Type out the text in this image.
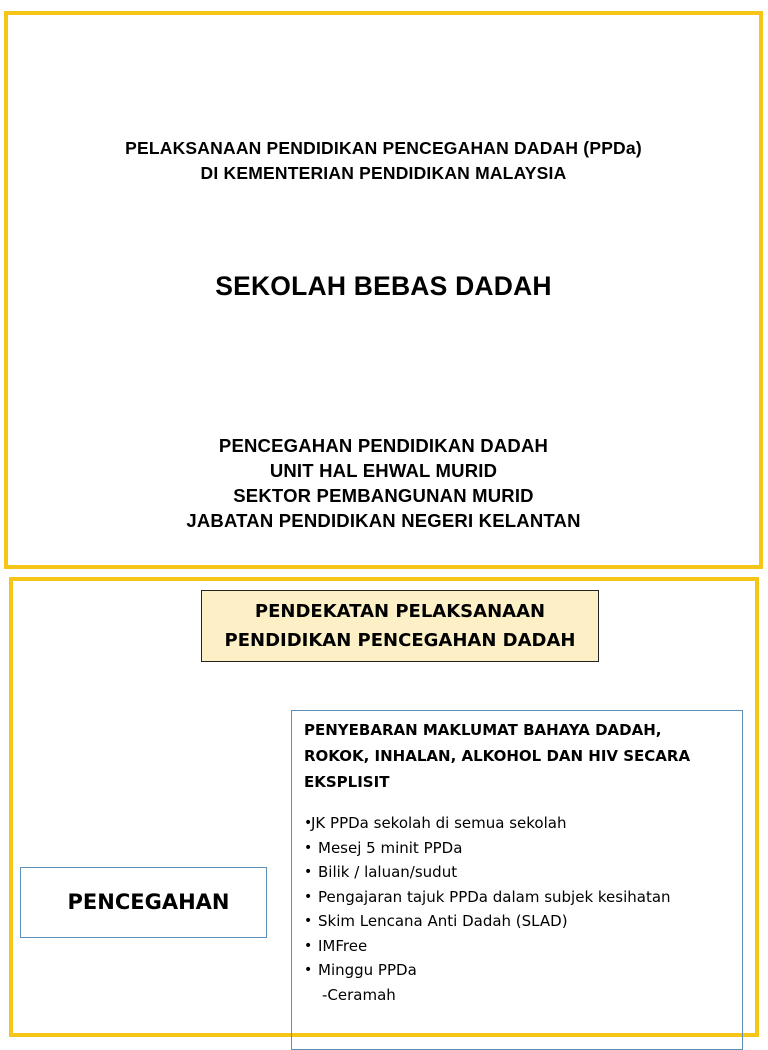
PELAKSANAAN PENDIDIKAN PENCEGAHAN DADAH (PPDa)
DI KEMENTERIAN PENDIDIKAN MALAYSIA
SEKOLAH BEBAS DADAH
PENCEGAHAN PENDIDIKAN DADAH
UNIT HAL EHWAL MURID
SEKTOR PEMBANGUNAN MURID
JABATAN PENDIDIKAN NEGERI KELANTAN
PENDEKATAN PELAKSANAAN
PENDIDIKAN PENCEGAHAN DADAH
PENCEGAHAN
PENYEBARAN MAKLUMAT BAHAYA DADAH,
ROKOK, INHALAN, ALKOHOL DAN HIV SECARA
EKSPLISIT
• JK PPDa sekolah di semua sekolah
• Mesej 5 minit PPDa
• Bilik / laluan/sudut
• Pengajaran tajuk PPDa dalam subjek kesihatan
• Skim Lencana Anti Dadah (SLAD)
• IMFree
• Minggu PPDa
-Ceramah
